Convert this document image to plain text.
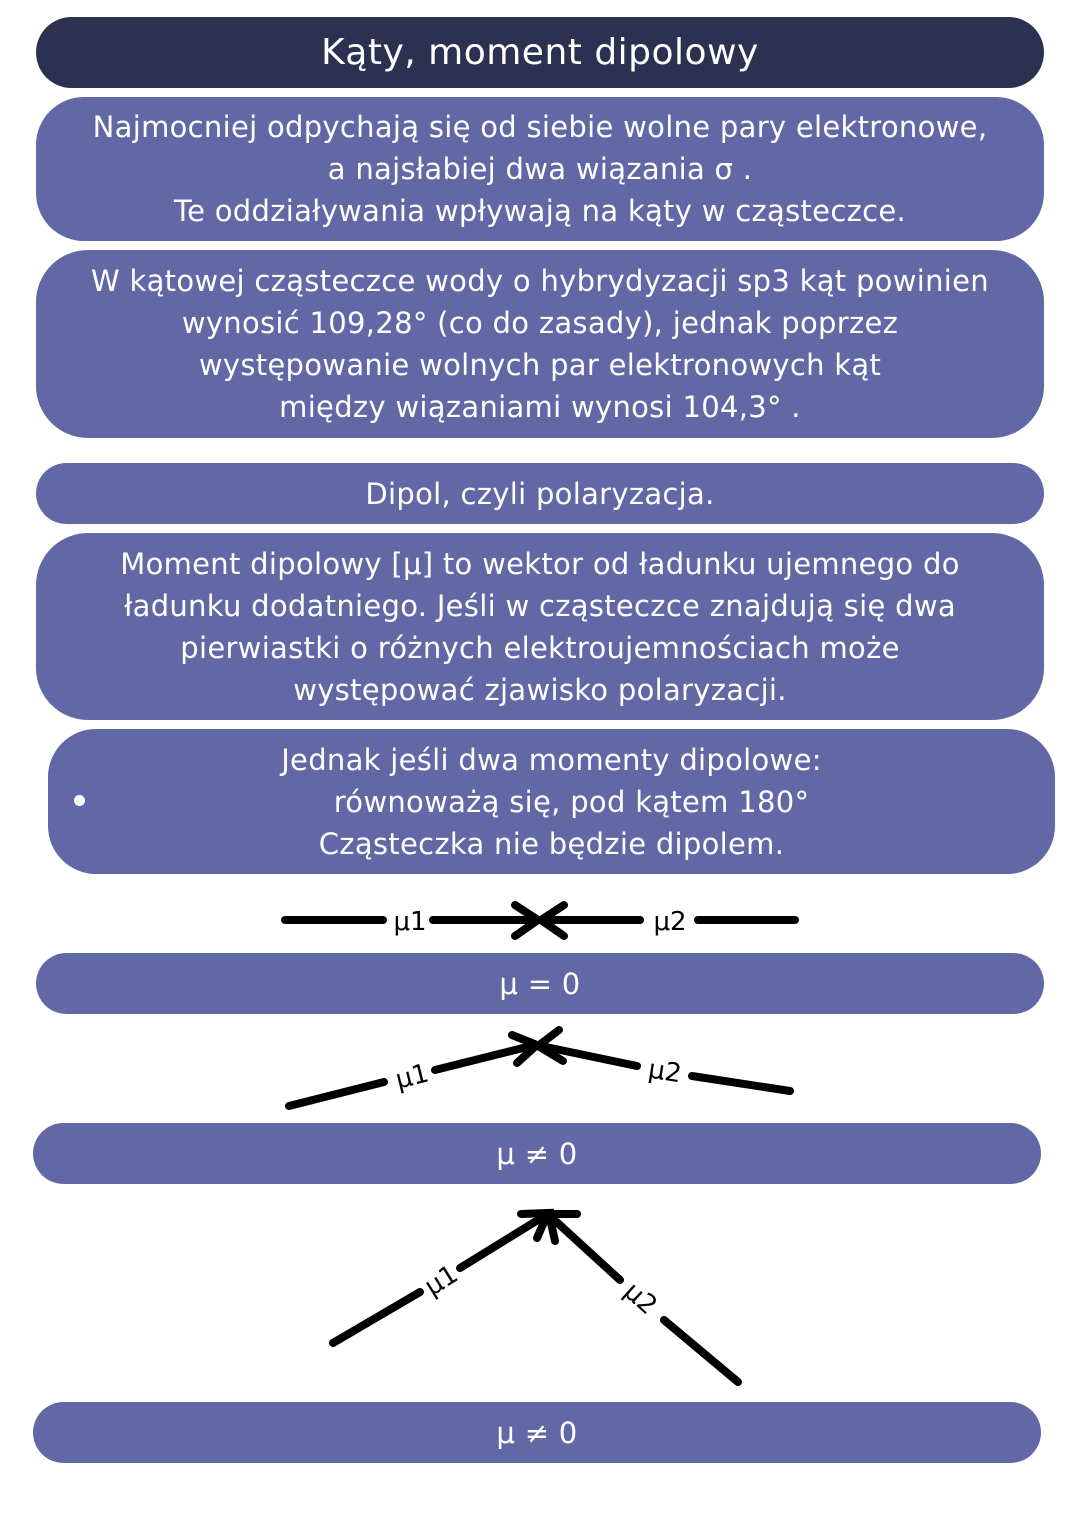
Kąty, moment dipolowy
Najmocniej odpychają się od siebie wolne pary elektronowe,
a najsłabiej dwa wiązania σ .
Te oddziaływania wpływają na kąty w cząsteczce.
W kątowej cząsteczce wody o hybrydyzacji sp3 kąt powinien
wynosić 109,28° (co do zasady), jednak poprzez
występowanie wolnych par elektronowych kąt
między wiązaniami wynosi 104,3° .
Dipol, czyli polaryzacja.
Moment dipolowy [μ] to wektor od ładunku ujemnego do
ładunku dodatniego. Jeśli w cząsteczce znajdują się dwa
pierwiastki o różnych elektroujemnościach może
występować zjawisko polaryzacji.
Jednak jeśli dwa momenty dipolowe:
równoważą się, pod kątem 180°
Cząsteczka nie będzie dipolem.
μ1	μ2
μ = 0
μ1	μ2
μ ≠ 0
μ1	μ2
μ ≠ 0
